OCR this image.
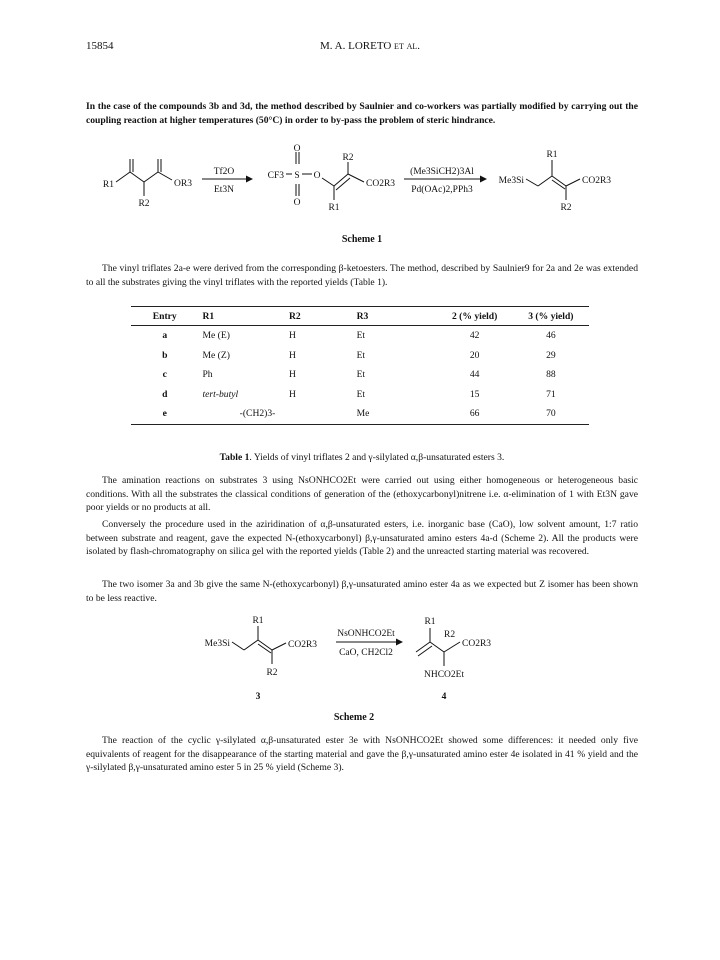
15854	M. A. LORETO et al.

In the case of the compounds 3b and 3d, the method described by Saulnier and co-workers was partially modified by carrying out the coupling reaction at higher temperatures (50°C) in order to by-pass the problem of steric hindrance.

R1	OR3
R2
Tf2O
Et3N
CF3 S
O
O
O
R2
R1
CO2R3
(Me3SiCH2)3Al
Pd(OAc)2,PPh3
Me3Si
R1
CO2R3
R2
Scheme 1

The vinyl triflates 2a-e were derived from the corresponding β-ketoesters. The method, described by Saulnier9 for 2a and 2e was extended to all the substrates giving the vinyl triflates with the reported yields (Table 1).

Entry	R1	R2	R3	2 (% yield)	3 (% yield)
a	Me (E)	H	Et	42	46
b	Me (Z)	H	Et	20	29
c	Ph	H	Et	44	88
d	tert-butyl	H	Et	15	71
e	-(CH2)3-		Me	66	70
Table 1. Yields of vinyl triflates 2 and γ-silylated α,β-unsaturated esters 3.

The amination reactions on substrates 3 using NsONHCO2Et were carried out using either homogeneous or heterogeneous basic conditions. With all the substrates the classical conditions of generation of the (ethoxycarbonyl)nitrene i.e. α-elimination of 1 with Et3N gave poor yields or no products at all.

Conversely the procedure used in the aziridination of α,β-unsaturated esters, i.e. inorganic base (CaO), low solvent amount, 1:7 ratio between substrate and reagent, gave the expected N-(ethoxycarbonyl) β,γ-unsaturated amino esters 4a-d (Scheme 2). All the products were isolated by flash-chromatography on silica gel with the reported yields (Table 2) and the unreacted starting material was recovered.

The two isomer 3a and 3b give the same N-(ethoxycarbonyl) β,γ-unsaturated amino ester 4a as we expected but Z isomer has been shown to be less reactive.

Me3Si
R1
CO2R3
R2
3
NsONHCO2Et
CaO, CH2Cl2
R1
R2
CO2R3
NHCO2Et
4
Scheme 2

The reaction of the cyclic γ-silylated α,β-unsaturated ester 3e with NsONHCO2Et showed some differences: it needed only five equivalents of reagent for the disappearance of the starting material and gave the β,γ-unsaturated amino ester 4e isolated in 41 % yield and the γ-silylated β,γ-unsaturated amino ester 5 in 25 % yield (Scheme 3).
